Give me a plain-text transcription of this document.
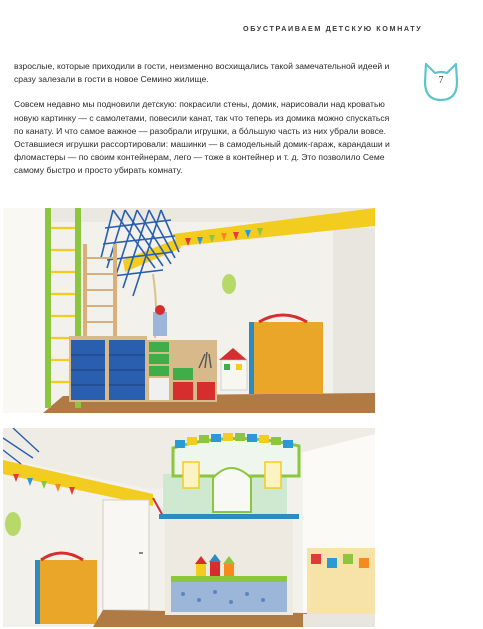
ОБУСТРАИВАЕМ ДЕТСКУЮ КОМНАТУ
7

взрослые, которые приходили в гости, неизменно восхищались такой замечательной идеей и сразу залезали в гости в новое Семино жилище.

Совсем недавно мы подновили детскую: покрасили стены, домик, нарисовали над кроватью новую картинку — с самолетами, повесили канат, так что теперь из домика можно спускаться по канату. И что самое важное — разобрали игрушки, а бо́льшую часть из них убрали вовсе. Оставшиеся игрушки рассортировали: машинки — в самодельный домик-гараж, карандаши и фломастеры — по своим контейнерам, лего — тоже в контейнер и т. д. Это позволило Семе самому быстро и просто убирать комнату.
